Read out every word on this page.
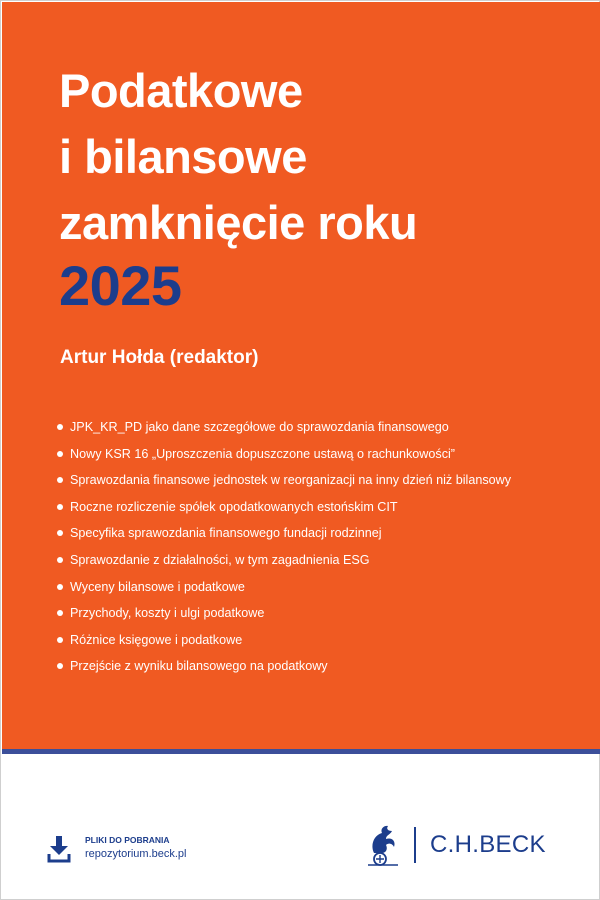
Podatkowe
i bilansowe
zamknięcie roku
2025
Artur Hołda (redaktor)
JPK_KR_PD jako dane szczegółowe do sprawozdania finansowego
Nowy KSR 16 „Uproszczenia dopuszczone ustawą o rachunkowości”
Sprawozdania finansowe jednostek w reorganizacji na inny dzień niż bilansowy
Roczne rozliczenie spółek opodatkowanych estońskim CIT
Specyfika sprawozdania finansowego fundacji rodzinnej
Sprawozdanie z działalności, w tym zagadnienia ESG
Wyceny bilansowe i podatkowe
Przychody, koszty i ulgi podatkowe
Różnice księgowe i podatkowe
Przejście z wyniku bilansowego na podatkowy
PLIKI DO POBRANIA
repozytorium.beck.pl	C.H.BECK
